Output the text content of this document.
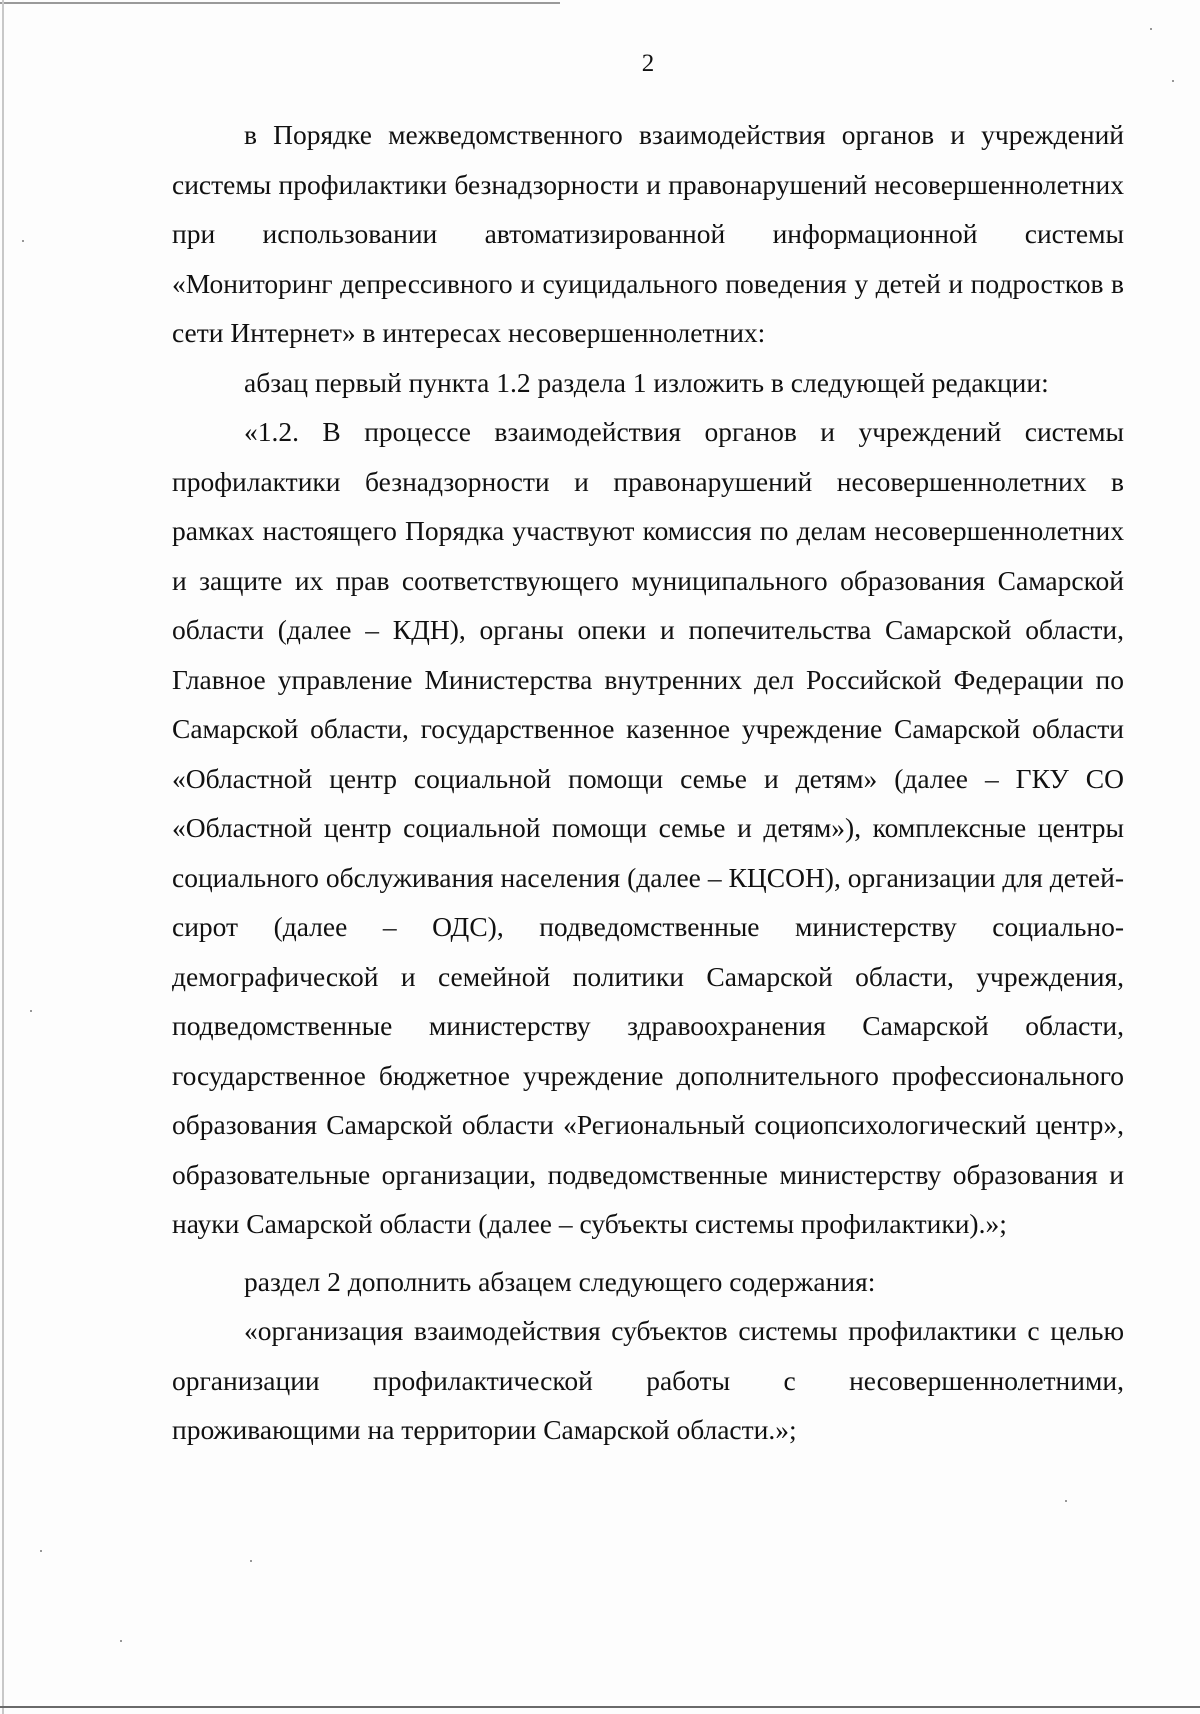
2

в Порядке межведомственного взаимодействия органов и учреждений системы профилактики безнадзорности и правонарушений несовершеннолетних при использовании автоматизированной информационной системы «Мониторинг депрессивного и суицидального поведения у детей и подростков в сети Интернет» в интересах несовершеннолетних:

абзац первый пункта 1.2 раздела 1 изложить в следующей редакции:

«1.2. В процессе взаимодействия органов и учреждений системы профилактики безнадзорности и правонарушений несовершеннолетних в рамках настоящего Порядка участвуют комиссия по делам несовершеннолетних и защите их прав соответствующего муниципального образования Самарской области (далее – КДН), органы опеки и попечительства Самарской области, Главное управление Министерства внутренних дел Российской Федерации по Самарской области, государственное казенное учреждение Самарской области «Областной центр социальной помощи семье и детям» (далее – ГКУ СО «Областной центр социальной помощи семье и детям»), комплексные центры социального обслуживания населения (далее – КЦСОН), организации для детей-сирот (далее – ОДС), подведомственные министерству социально-демографической и семейной политики Самарской области, учреждения, подведомственные министерству здравоохранения Самарской области, государственное бюджетное учреждение дополнительного профессионального образования Самарской области «Региональный социопсихологический центр», образовательные организации, подведомственные министерству образования и науки Самарской области (далее – субъекты системы профилактики).»;

раздел 2 дополнить абзацем следующего содержания:

«организация взаимодействия субъектов системы профилактики с целью организации профилактической работы с несовершеннолетними, проживающими на территории Самарской области.»;
